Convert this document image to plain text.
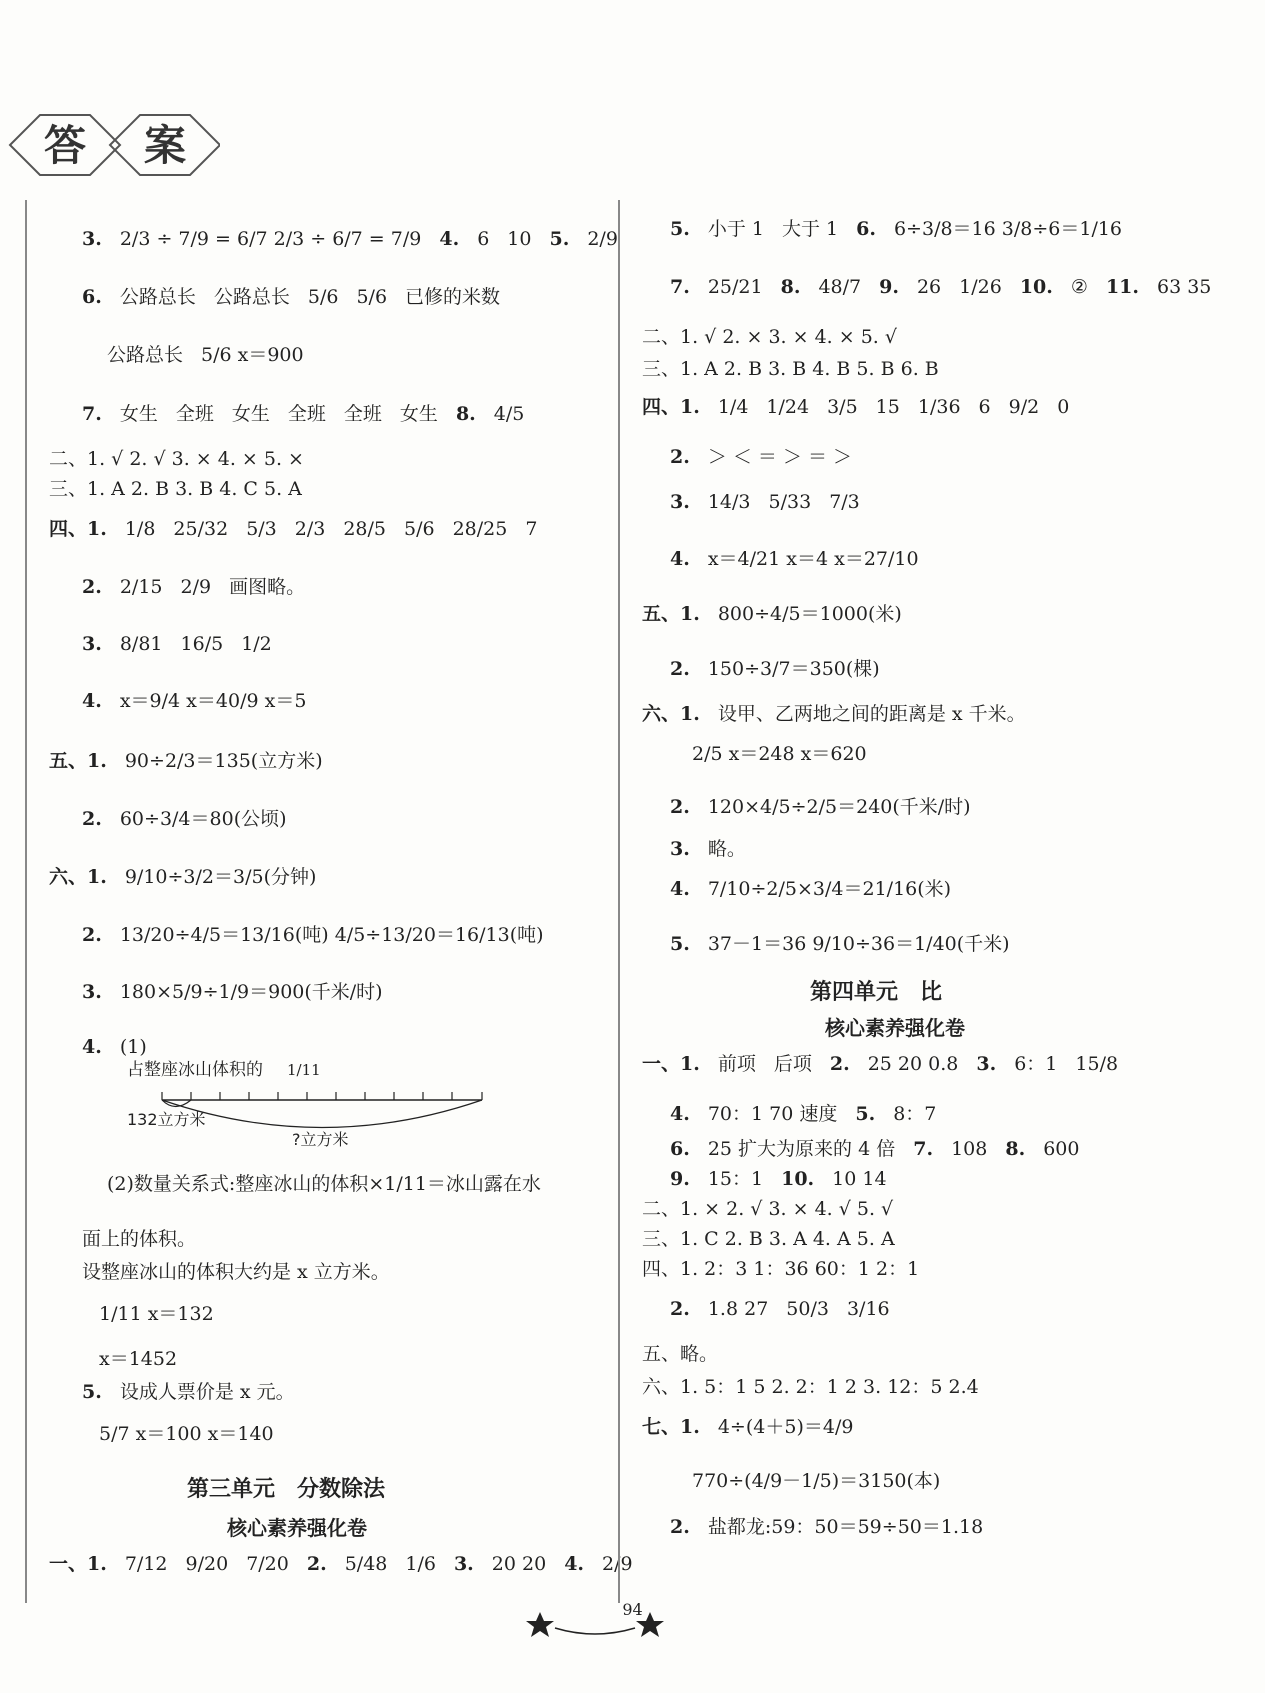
答 案
3. 2/3 ÷ 7/9 = 6/7 2/3 ÷ 6/7 = 7/9 4. 6 10 5. 2/9
6. 公路总长 公路总长 5/6 5/6 已修的米数
公路总长 5/6 x＝900
7. 女生 全班 女生 全班 全班 女生 8. 4/5
二、1. √ 2. √ 3. × 4. × 5. ×
三、1. A 2. B 3. B 4. C 5. A
四、1. 1/8 25/32 5/3 2/3 28/5 5/6 28/25 7
2. 2/15 2/9 画图略。
3. 8/81 16/5 1/2
4. x＝9/4 x＝40/9 x＝5
五、1. 90÷2/3＝135(立方米)
2. 60÷3/4＝80(公顷)
六、1. 9/10÷3/2＝3/5(分钟)
2. 13/20÷4/5＝13/16(吨) 4/5÷13/20＝16/13(吨)
3. 180×5/9÷1/9＝900(千米/时)
4. (1)
占整座冰山体积的 1/11
132立方米
?立方米
(2)数量关系式:整座冰山的体积×1/11＝冰山露在水
面上的体积。
设整座冰山的体积大约是 x 立方米。
1/11 x＝132
x＝1452
5. 设成人票价是 x 元。
5/7 x＝100 x＝140
第三单元　分数除法
核心素养强化卷
一、1. 7/12 9/20 7/20 2. 5/48 1/6 3. 20 20 4. 2/9
5. 小于 1 大于 1 6. 6÷3/8＝16 3/8÷6＝1/16
7. 25/21 8. 48/7 9. 26 1/26 10. ② 11. 63 35
二、1. √ 2. × 3. × 4. × 5. √
三、1. A 2. B 3. B 4. B 5. B 6. B
四、1. 1/4 1/24 3/5 15 1/36 6 9/2 0
2. ＞ ＜ ＝ ＞ ＝ ＞
3. 14/3 5/33 7/3
4. x＝4/21 x＝4 x＝27/10
五、1. 800÷4/5＝1000(米)
2. 150÷3/7＝350(棵)
六、1. 设甲、乙两地之间的距离是 x 千米。
2/5 x＝248 x＝620
2. 120×4/5÷2/5＝240(千米/时)
3. 略。
4. 7/10÷2/5×3/4＝21/16(米)
5. 37－1＝36 9/10÷36＝1/40(千米)
第四单元　比
核心素养强化卷
一、1. 前项 后项 2. 25 20 0.8 3. 6：1 15/8
4. 70：1 70 速度 5. 8：7
6. 25 扩大为原来的 4 倍 7. 108 8. 600
9. 15：1 10. 10 14
二、1. × 2. √ 3. × 4. √ 5. √
三、1. C 2. B 3. A 4. A 5. A
四、1. 2：3 1：36 60：1 2：1
2. 1.8 27 50/3 3/16
五、略。
六、1. 5：1 5 2. 2：1 2 3. 12：5 2.4
七、1. 4÷(4＋5)＝4/9
770÷(4/9－1/5)＝3150(本)
2. 盐都龙:59：50＝59÷50＝1.18
94
